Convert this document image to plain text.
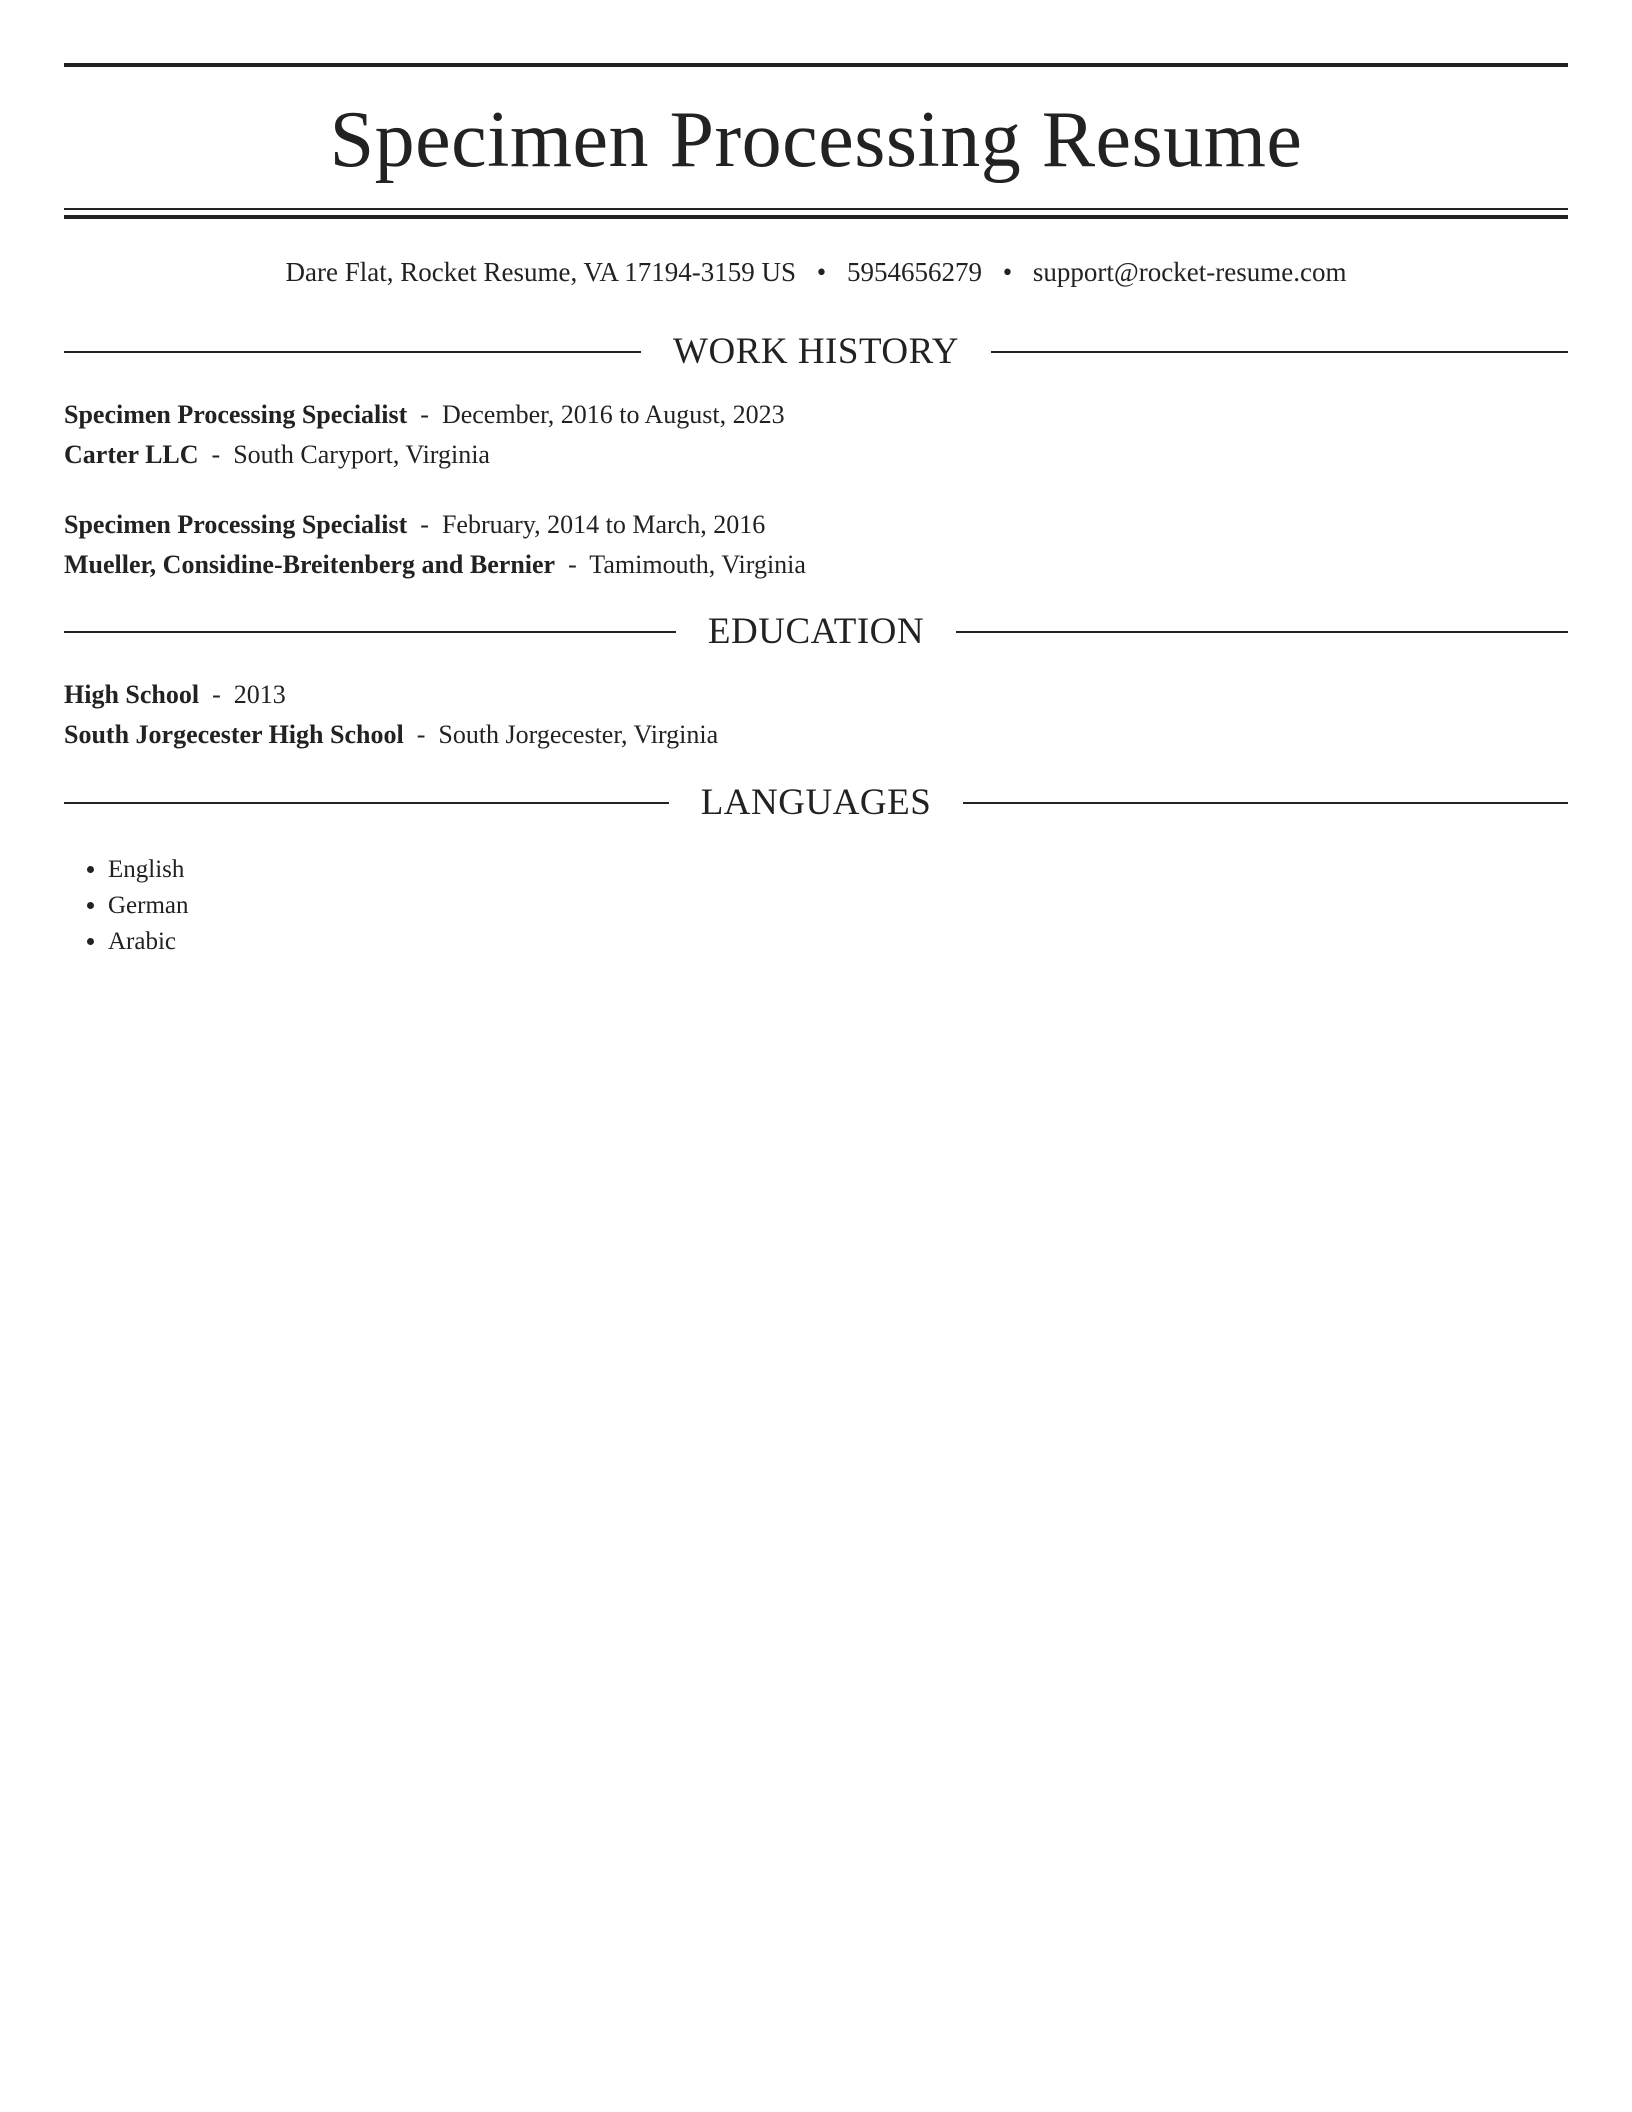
Specimen Processing Resume
Dare Flat, Rocket Resume, VA 17194-3159 US • 5954656279 • support@rocket-resume.com
WORK HISTORY
Specimen Processing Specialist  -  December, 2016 to August, 2023
Carter LLC  -  South Caryport, Virginia
Specimen Processing Specialist  -  February, 2014 to March, 2016
Mueller, Considine-Breitenberg and Bernier  -  Tamimouth, Virginia
EDUCATION
High School  -  2013
South Jorgecester High School  -  South Jorgecester, Virginia
LANGUAGES
• English
• German
• Arabic
